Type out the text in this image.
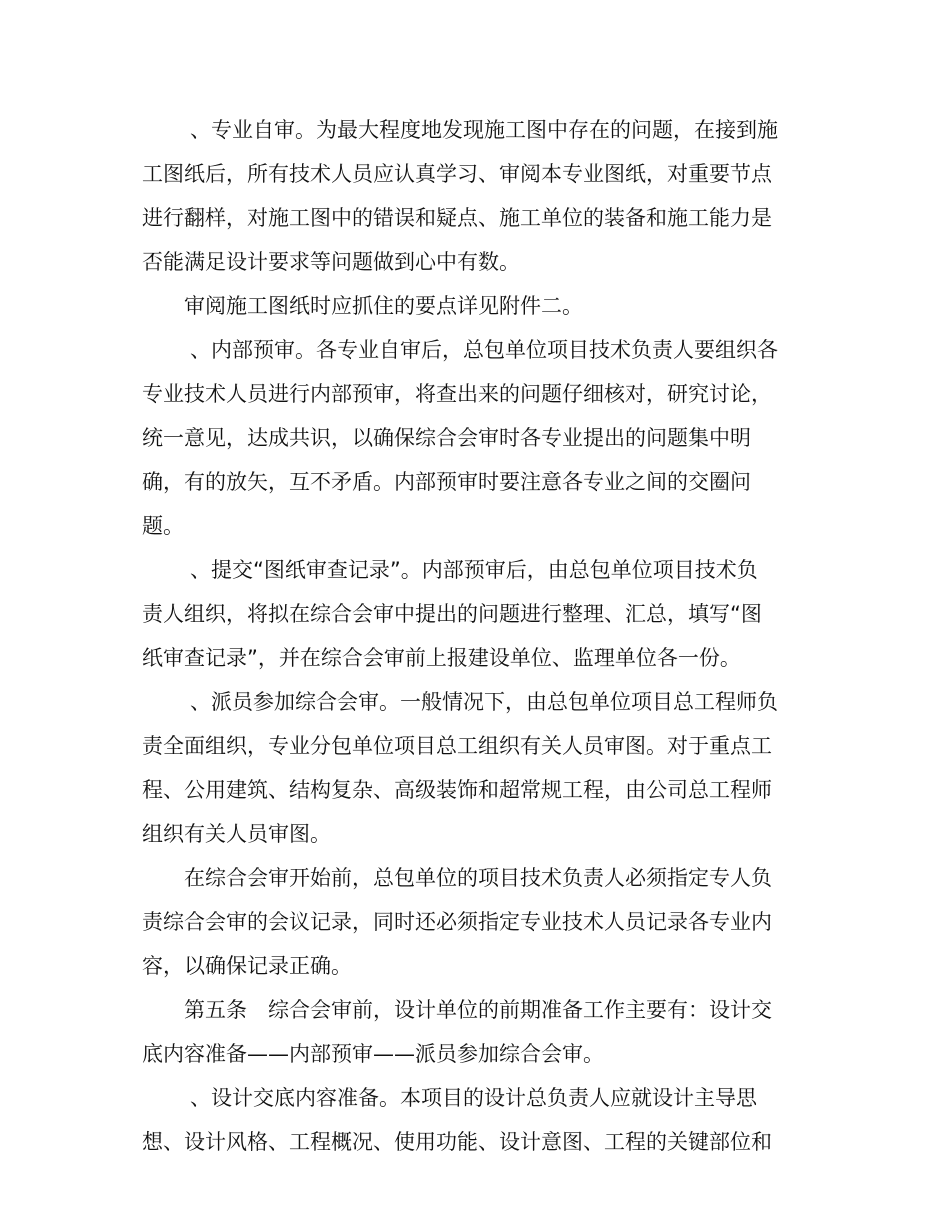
、专业自审。为最大程度地发现施工图中存在的问题，在接到施
工图纸后，所有技术人员应认真学习、审阅本专业图纸，对重要节点
进行翻样，对施工图中的错误和疑点、施工单位的装备和施工能力是
否能满足设计要求等问题做到心中有数。
审阅施工图纸时应抓住的要点详见附件二。
、内部预审。各专业自审后，总包单位项目技术负责人要组织各
专业技术人员进行内部预审，将查出来的问题仔细核对，研究讨论，
统一意见，达成共识，以确保综合会审时各专业提出的问题集中明
确，有的放矢，互不矛盾。内部预审时要注意各专业之间的交圈问
题。
、提交“图纸审查记录”。内部预审后，由总包单位项目技术负
责人组织，将拟在综合会审中提出的问题进行整理、汇总，填写“图
纸审查记录”，并在综合会审前上报建设单位、监理单位各一份。
、派员参加综合会审。一般情况下，由总包单位项目总工程师负
责全面组织，专业分包单位项目总工组织有关人员审图。对于重点工
程、公用建筑、结构复杂、高级装饰和超常规工程，由公司总工程师
组织有关人员审图。
在综合会审开始前，总包单位的项目技术负责人必须指定专人负
责综合会审的会议记录，同时还必须指定专业技术人员记录各专业内
容，以确保记录正确。
第五条　综合会审前，设计单位的前期准备工作主要有：设计交
底内容准备——内部预审——派员参加综合会审。
、设计交底内容准备。本项目的设计总负责人应就设计主导思
想、设计风格、工程概况、使用功能、设计意图、工程的关键部位和
